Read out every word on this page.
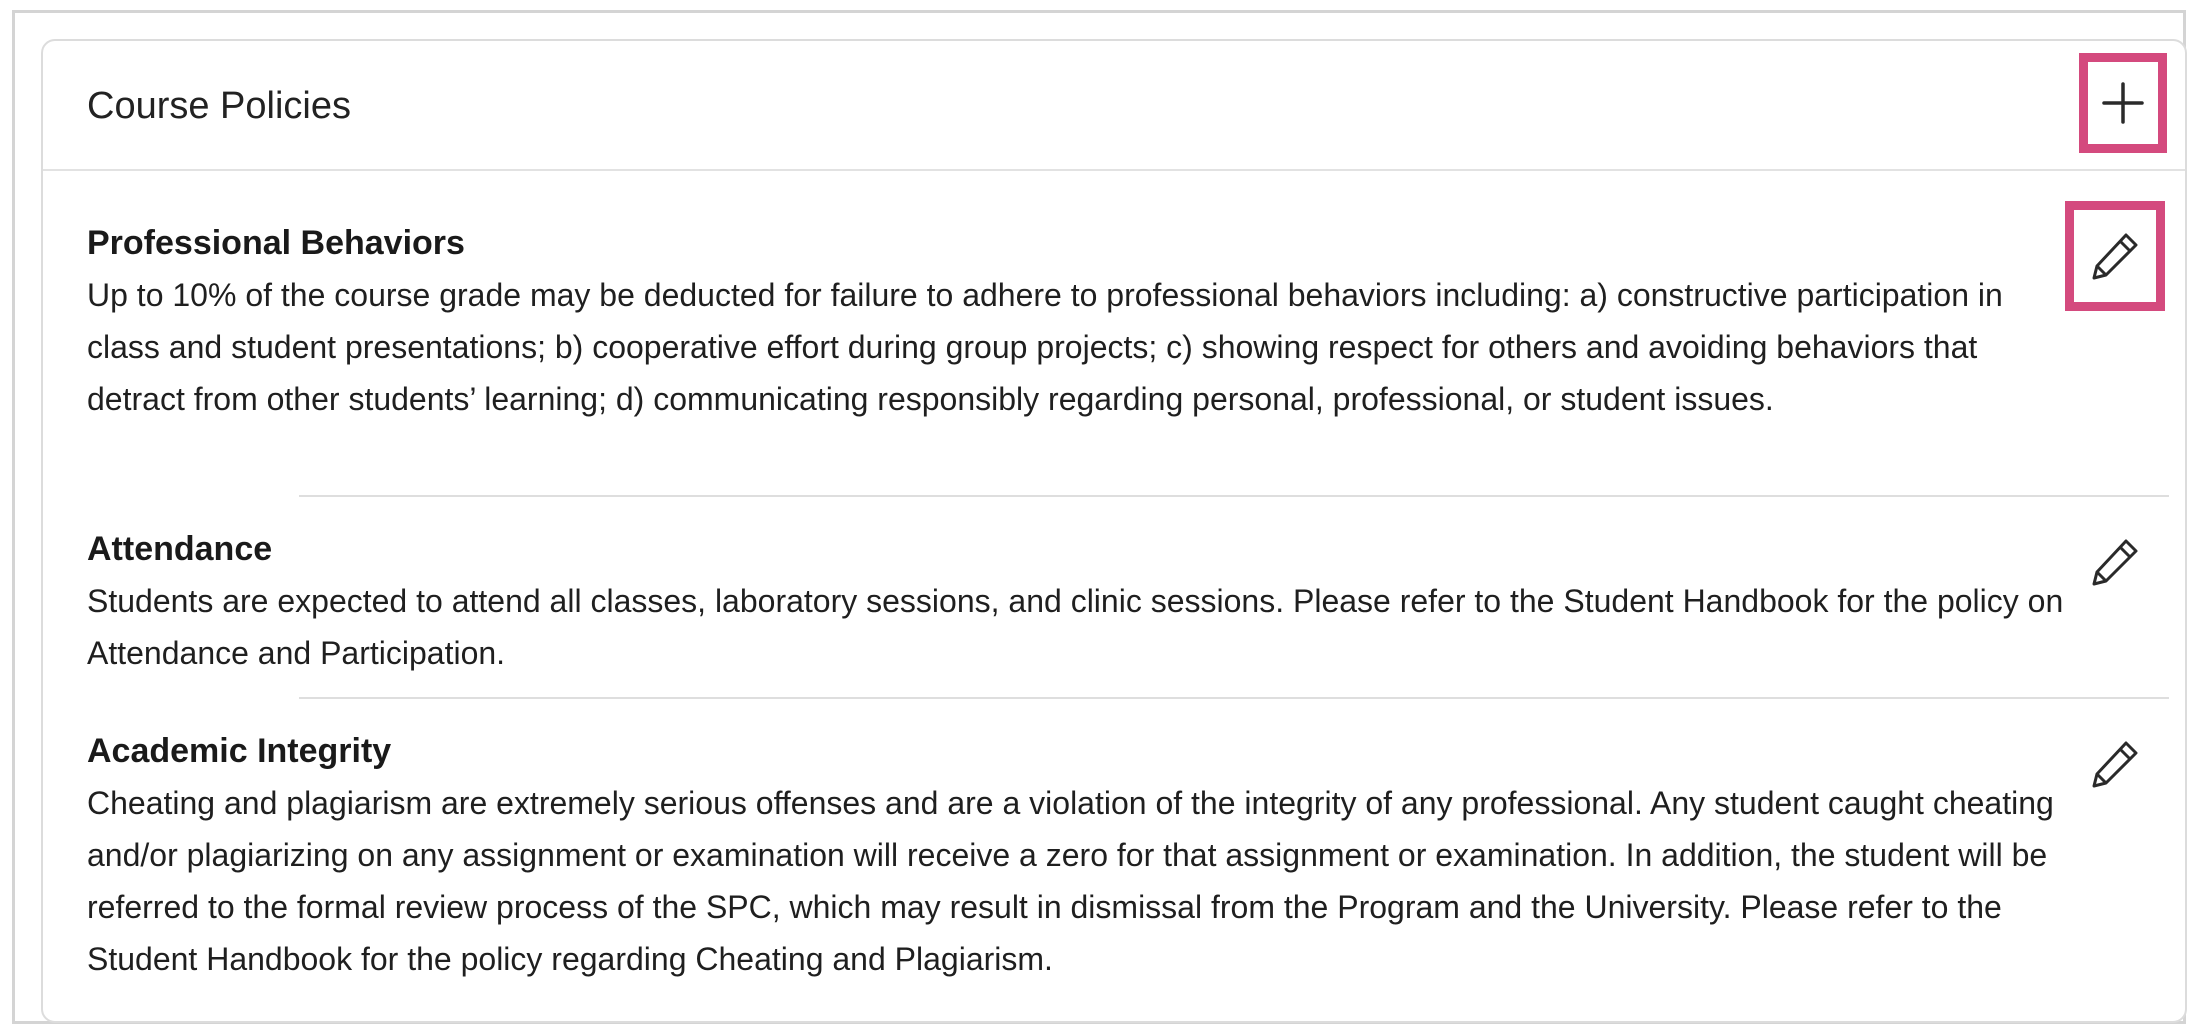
Course Policies
Professional Behaviors

Up to 10% of the course grade may be deducted for failure to adhere to professional behaviors including: a) constructive participation in class and student presentations; b) cooperative effort during group projects; c) showing respect for others and avoiding behaviors that detract from other students’ learning; d) communicating responsibly regarding personal, professional, or student issues.

Attendance

Students are expected to attend all classes, laboratory sessions, and clinic sessions. Please refer to the Student Handbook for the policy on Attendance and Participation.

Academic Integrity

Cheating and plagiarism are extremely serious offenses and are a violation of the integrity of any professional. Any student caught cheating and/or plagiarizing on any assignment or examination will receive a zero for that assignment or examination. In addition, the student will be referred to the formal review process of the SPC, which may result in dismissal from the Program and the University. Please refer to the Student Handbook for the policy regarding Cheating and Plagiarism.
